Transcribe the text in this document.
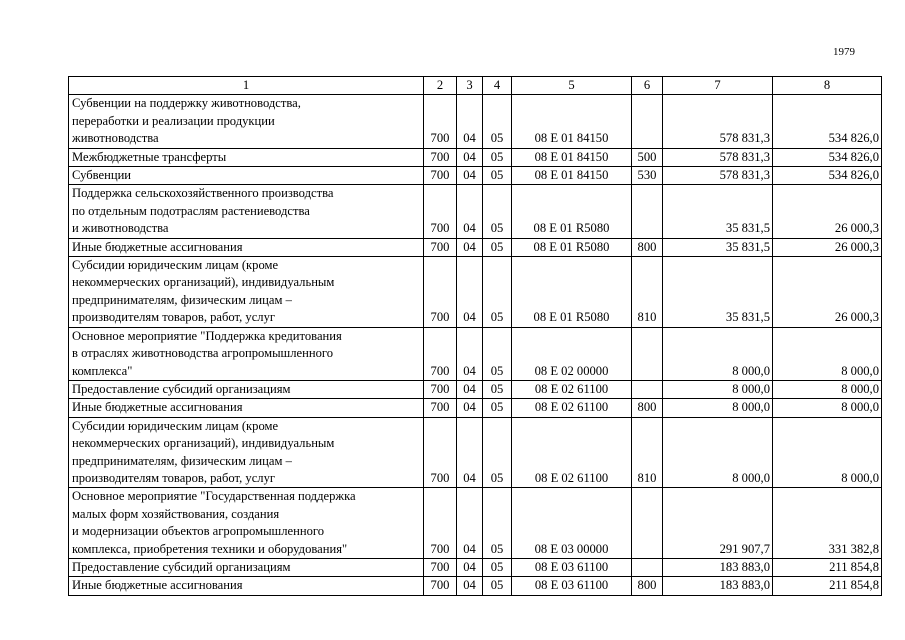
1979
1	2	3	4	5	6	7	8

Субвенции на поддержку животноводства,
переработки и реализации продукции
животноводства	700	04	05	08 E 01 84150		578 831,3	534 826,0

Межбюджетные трансферты	700	04	05	08 E 01 84150	500	578 831,3	534 826,0

Субвенции	700	04	05	08 E 01 84150	530	578 831,3	534 826,0

Поддержка сельскохозяйственного производства
по отдельным подотраслям растениеводства
и животноводства	700	04	05	08 E 01 R5080		35 831,5	26 000,3

Иные бюджетные ассигнования	700	04	05	08 E 01 R5080	800	35 831,5	26 000,3

Субсидии юридическим лицам (кроме
некоммерческих организаций), индивидуальным
предпринимателям, физическим лицам –
производителям товаров, работ, услуг	700	04	05	08 E 01 R5080	810	35 831,5	26 000,3

Основное мероприятие "Поддержка кредитования
в отраслях животноводства агропромышленного
комплекса"	700	04	05	08 E 02 00000		8 000,0	8 000,0

Предоставление субсидий организациям	700	04	05	08 E 02 61100		8 000,0	8 000,0

Иные бюджетные ассигнования	700	04	05	08 E 02 61100	800	8 000,0	8 000,0

Субсидии юридическим лицам (кроме
некоммерческих организаций), индивидуальным
предпринимателям, физическим лицам –
производителям товаров, работ, услуг	700	04	05	08 E 02 61100	810	8 000,0	8 000,0

Основное мероприятие "Государственная поддержка
малых форм хозяйствования, создания
и модернизации объектов агропромышленного
комплекса, приобретения техники и оборудования"	700	04	05	08 E 03 00000		291 907,7	331 382,8

Предоставление субсидий организациям	700	04	05	08 E 03 61100		183 883,0	211 854,8

Иные бюджетные ассигнования	700	04	05	08 E 03 61100	800	183 883,0	211 854,8
